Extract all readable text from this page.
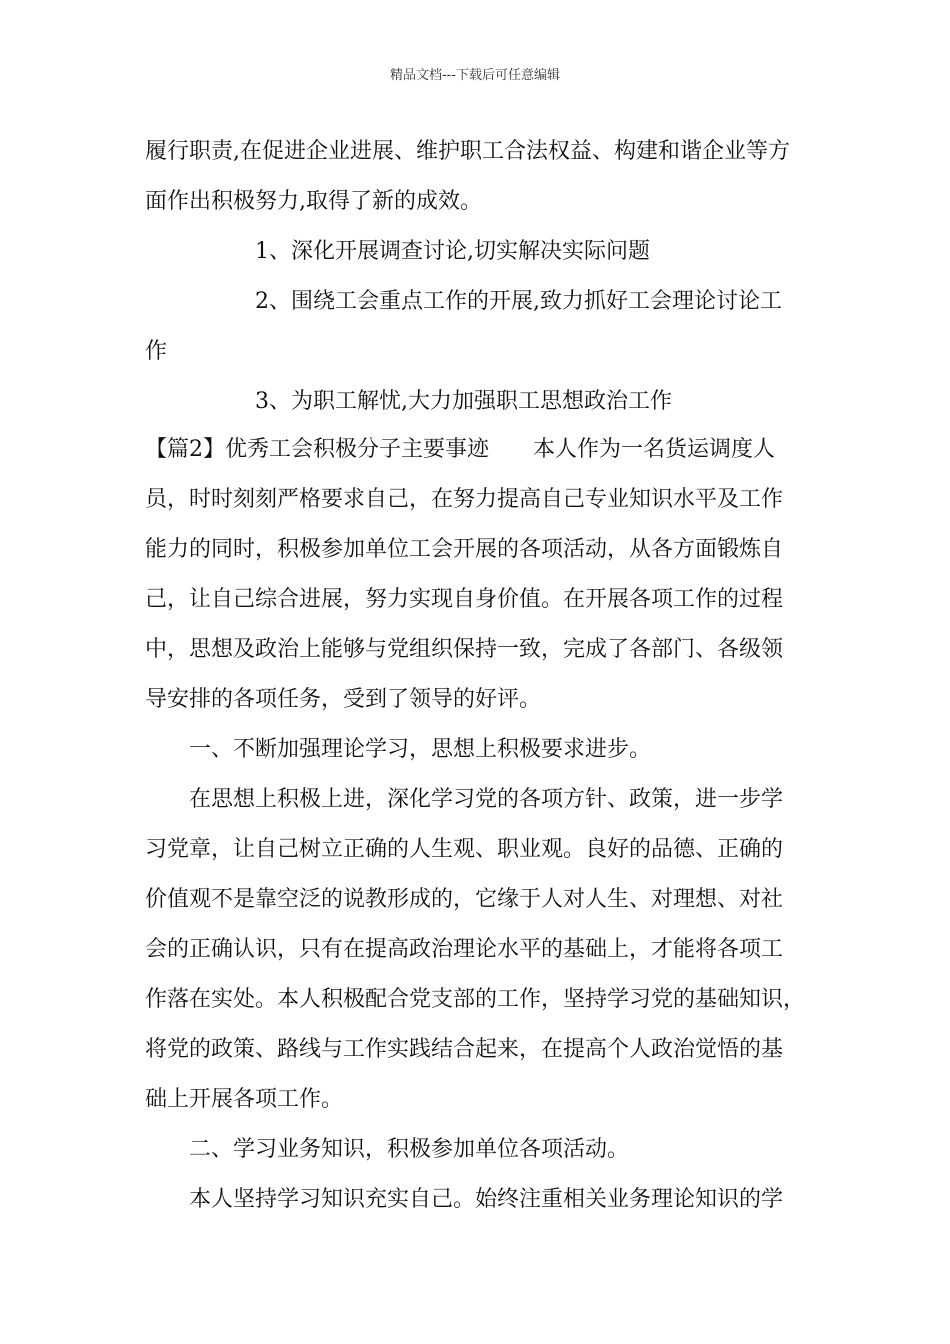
精品文档---下载后可任意编辑
履行职责,在促进企业进展、维护职工合法权益、构建和谐企业等方
面作出积极努力,取得了新的成效。
1、深化开展调查讨论,切实解决实际问题
2、围绕工会重点工作的开展,致力抓好工会理论讨论工
作
3、为职工解忧,大力加强职工思想政治工作
【篇2】优秀工会积极分子主要事迹　　本人作为一名货运调度人
员，时时刻刻严格要求自己，在努力提高自己专业知识水平及工作
能力的同时，积极参加单位工会开展的各项活动，从各方面锻炼自
己，让自己综合进展，努力实现自身价值。在开展各项工作的过程
中，思想及政治上能够与党组织保持一致，完成了各部门、各级领
导安排的各项任务，受到了领导的好评。
一、不断加强理论学习，思想上积极要求进步。
在思想上积极上进，深化学习党的各项方针、政策，进一步学
习党章，让自己树立正确的人生观、职业观。良好的品德、正确的
价值观不是靠空泛的说教形成的，它缘于人对人生、对理想、对社
会的正确认识，只有在提高政治理论水平的基础上，才能将各项工
作落在实处。本人积极配合党支部的工作，坚持学习党的基础知识，
将党的政策、路线与工作实践结合起来，在提高个人政治觉悟的基
础上开展各项工作。
二、学习业务知识，积极参加单位各项活动。
本人坚持学习知识充实自己。始终注重相关业务理论知识的学
